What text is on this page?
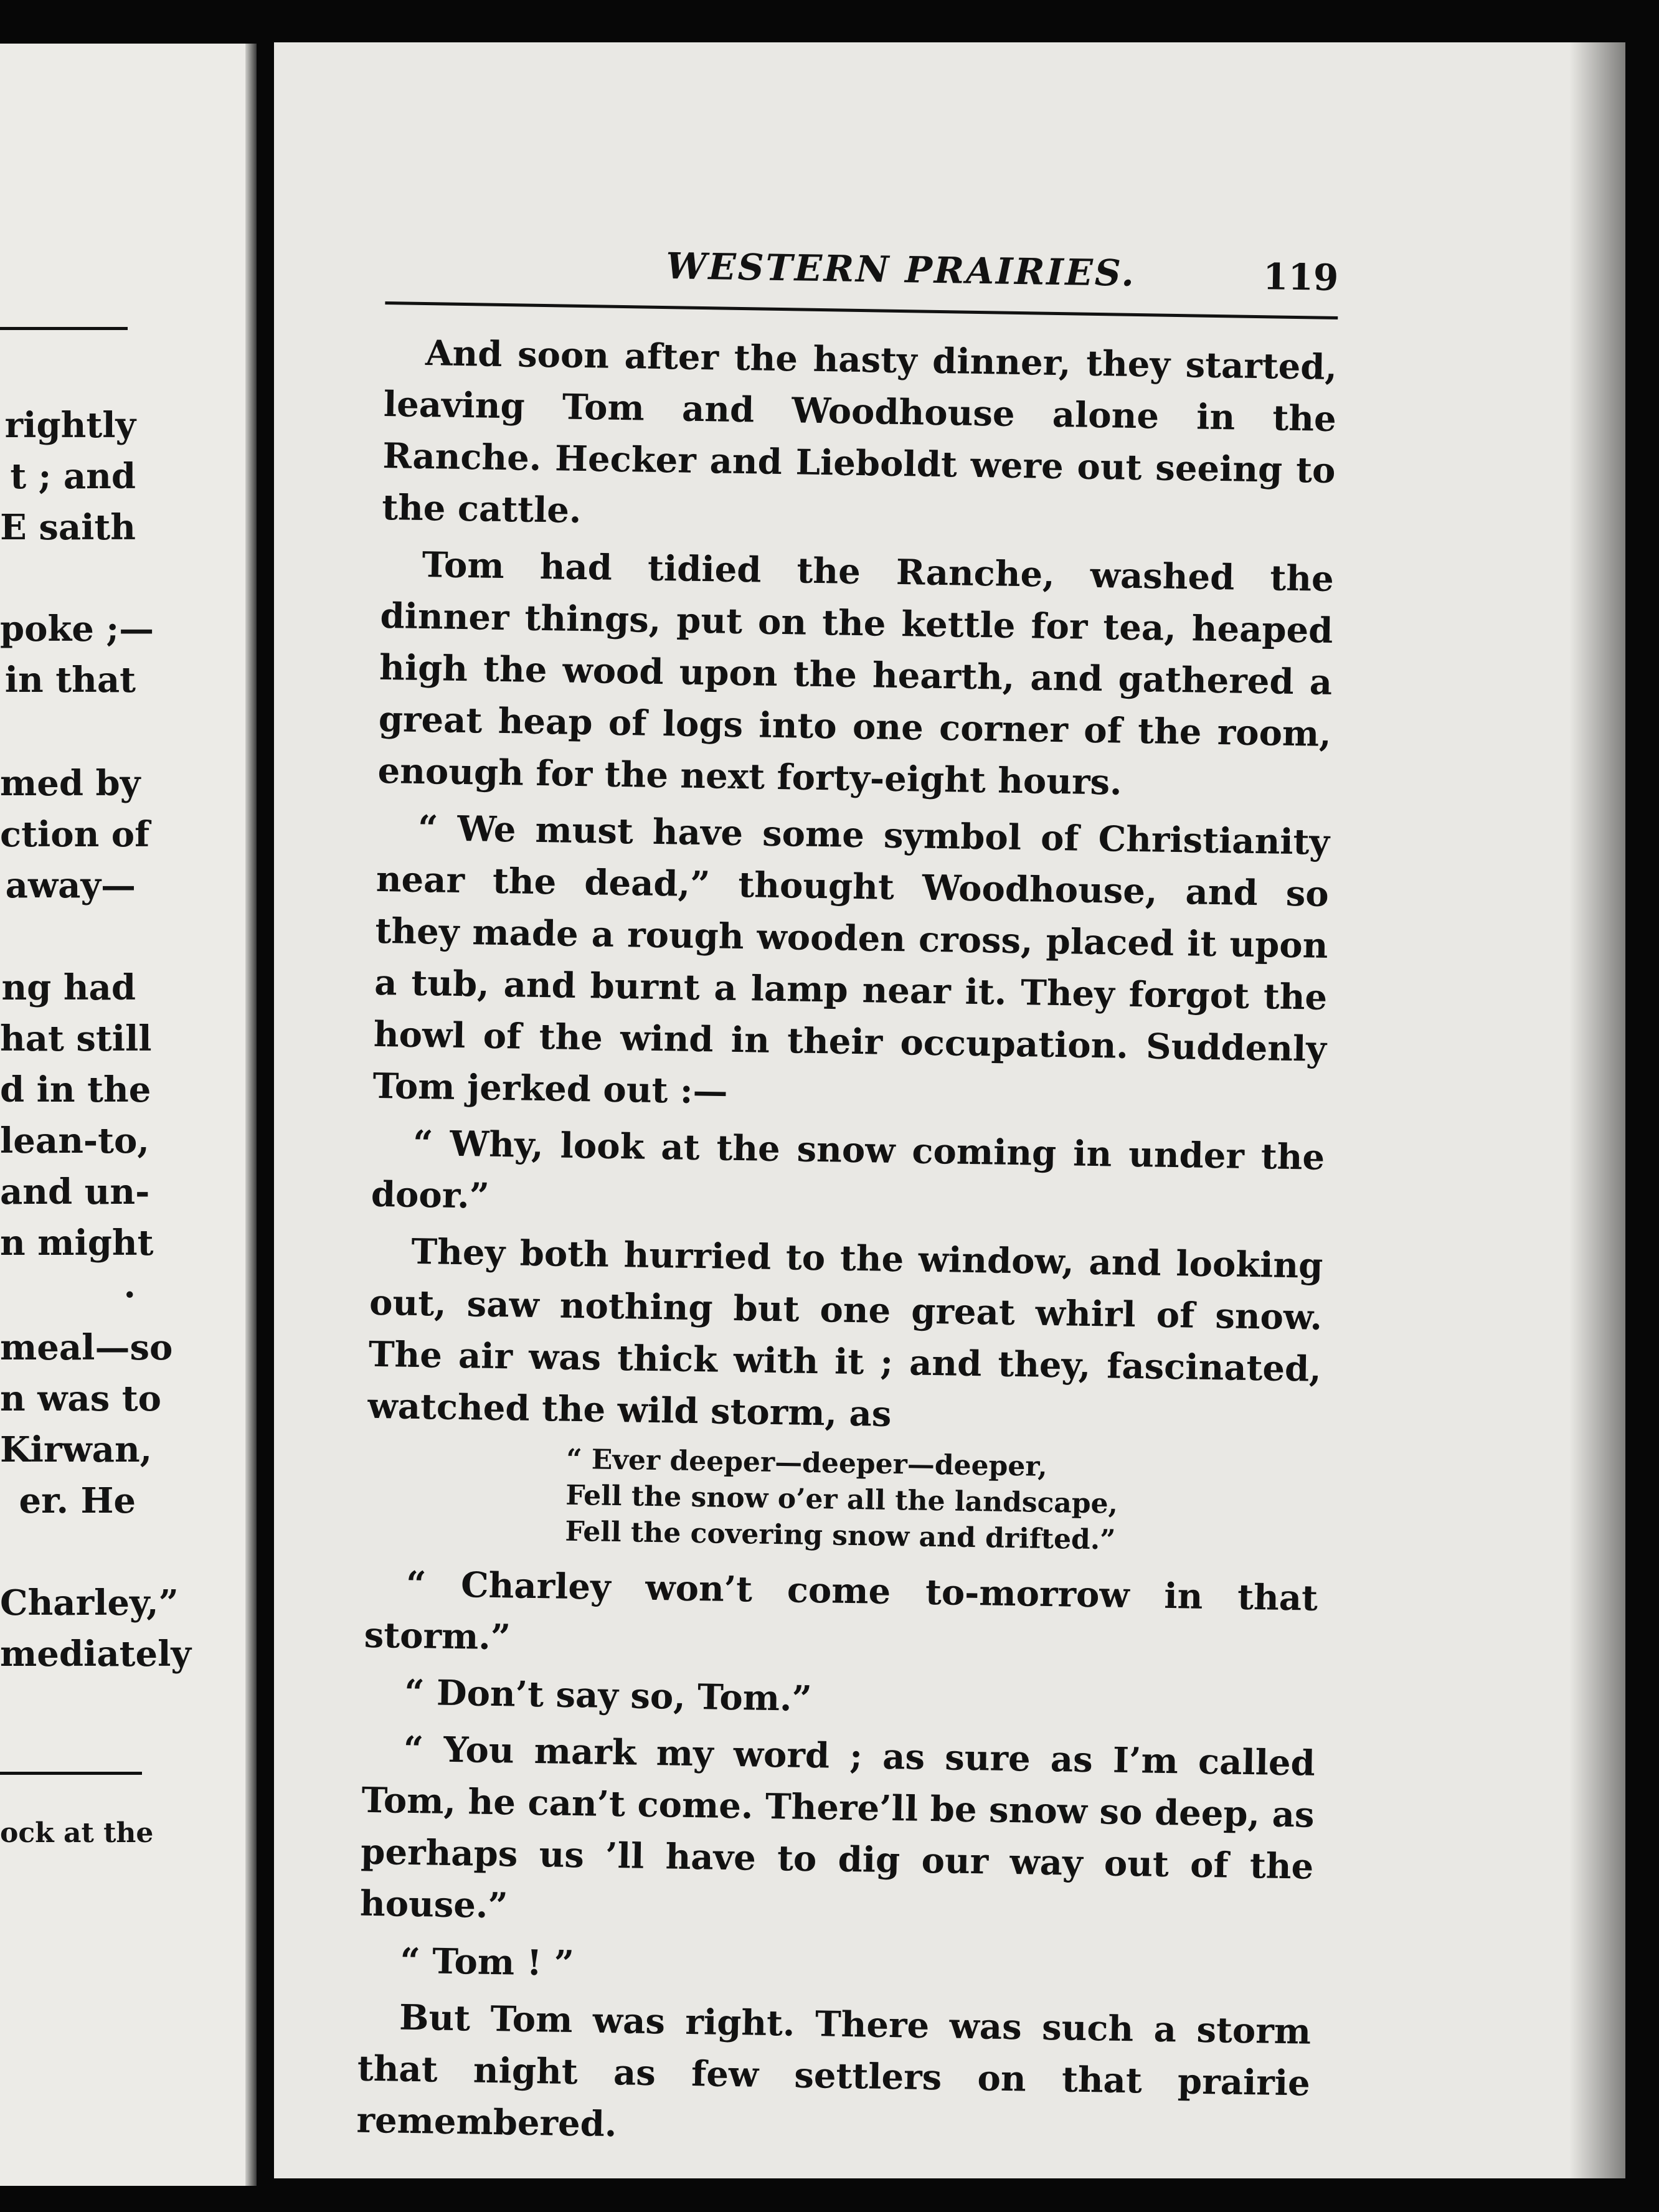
rightly
t ; and
E saith
poke ;—
in that
med by
ction of
away—
ng had
hat still
d in the
lean-to,
and un-
n might
.
meal—so
n was to
Kirwan,
er. He
Charley,”
mediately
ock at the
WESTERN PRAIRIES.	119

And soon after the hasty dinner, they started, leaving Tom and Woodhouse alone in the Ranche. Hecker and Lieboldt were out seeing to the cattle.

Tom had tidied the Ranche, washed the dinner things, put on the kettle for tea, heaped high the wood upon the hearth, and gathered a great heap of logs into one corner of the room, enough for the next forty-eight hours.

“ We must have some symbol of Christianity near the dead,” thought Woodhouse, and so they made a rough wooden cross, placed it upon a tub, and burnt a lamp near it. They forgot the howl of the wind in their occupation. Suddenly Tom jerked out :—

“ Why, look at the snow coming in under the door.”

They both hurried to the window, and looking out, saw nothing but one great whirl of snow. The air was thick with it ; and they, fascinated, watched the wild storm, as

“ Ever deeper—deeper—deeper,
Fell the snow o’er all the landscape,
Fell the covering snow and drifted.”

“ Charley won’t come to-morrow in that storm.”

“ Don’t say so, Tom.”

“ You mark my word ; as sure as I’m called Tom, he can’t come. There’ll be snow so deep, as perhaps us ’ll have to dig our way out of the house.”

“ Tom ! ”

But Tom was right. There was such a storm that night as few settlers on that prairie remembered.
